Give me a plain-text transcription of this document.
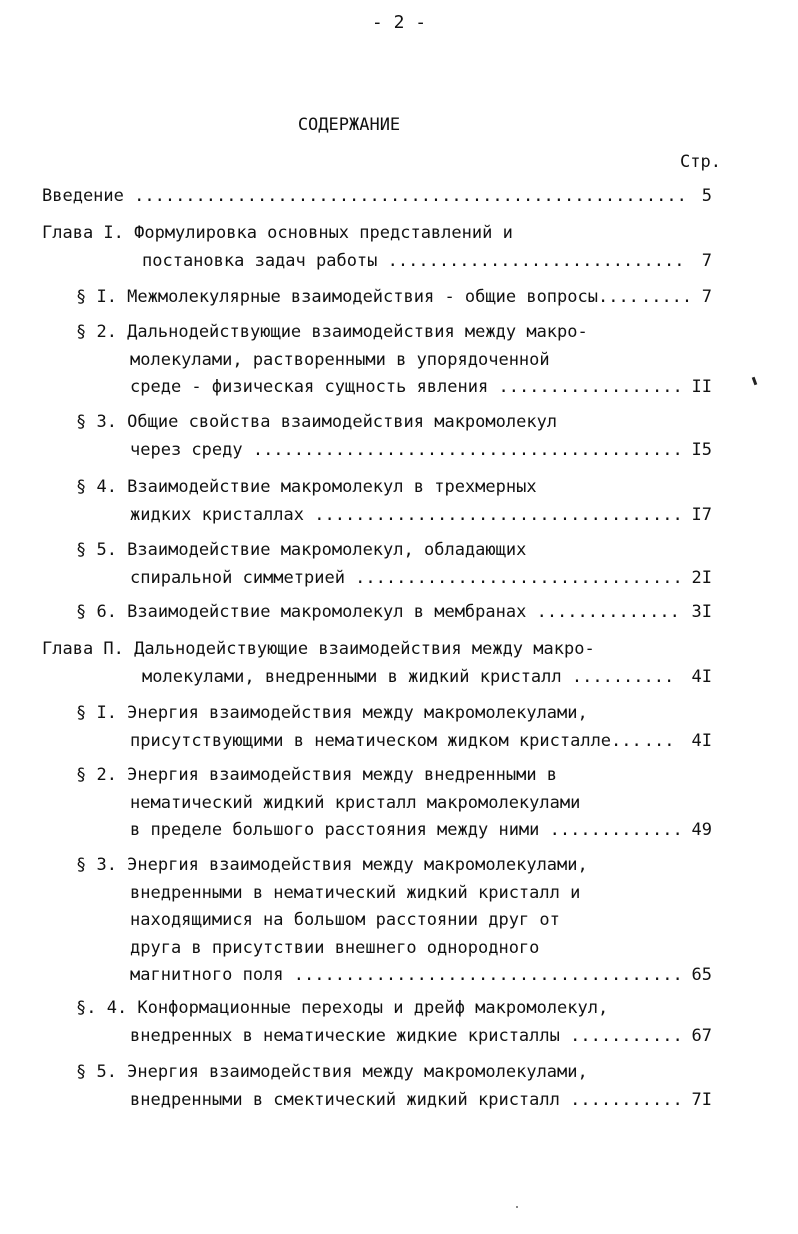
- 2 -
СОДЕРЖАНИЕ
Стр.
Введение	5
......................................................
Глава I. Формулировка основных представлений и
постановка задач работы	7
.............................
§ I. Межмолекулярные взаимодействия - общие вопросы....	7
.....
§ 2. Дальнодействующие взаимодействия между макро-
молекулами, растворенными в упорядоченной
среде - физическая сущность явления	II
..................
§ 3. Общие свойства взаимодействия макромолекул
через среду	I5
..........................................
§ 4. Взаимодействие макромолекул в трехмерных
жидких кристаллах	I7
....................................
§ 5. Взаимодействие макромолекул, обладающих
спиральной симметрией	2I
................................
§ 6. Взаимодействие макромолекул в мембранах	3I
..............
Глава П. Дальнодействующие взаимодействия между макро-
молекулами, внедренными в жидкий кристалл	4I
..........
§ I. Энергия взаимодействия между макромолекулами,
присутствующими в нематическом жидком кристалле...	4I
...
§ 2. Энергия взаимодействия между внедренными в
нематический жидкий кристалл макромолекулами
в пределе большого расстояния между ними	49
.............
§ 3. Энергия взаимодействия между макромолекулами,
внедренными в нематический жидкий кристалл и
находящимися на большом расстоянии друг от
друга в присутствии внешнего однородного
магнитного поля	65
......................................
§. 4. Конформационные переходы и дрейф макромолекул,
внедренных в нематические жидкие кристаллы	67
...........
§ 5. Энергия взаимодействия между макромолекулами,
внедренными в смектический жидкий кристалл	7I
...........
